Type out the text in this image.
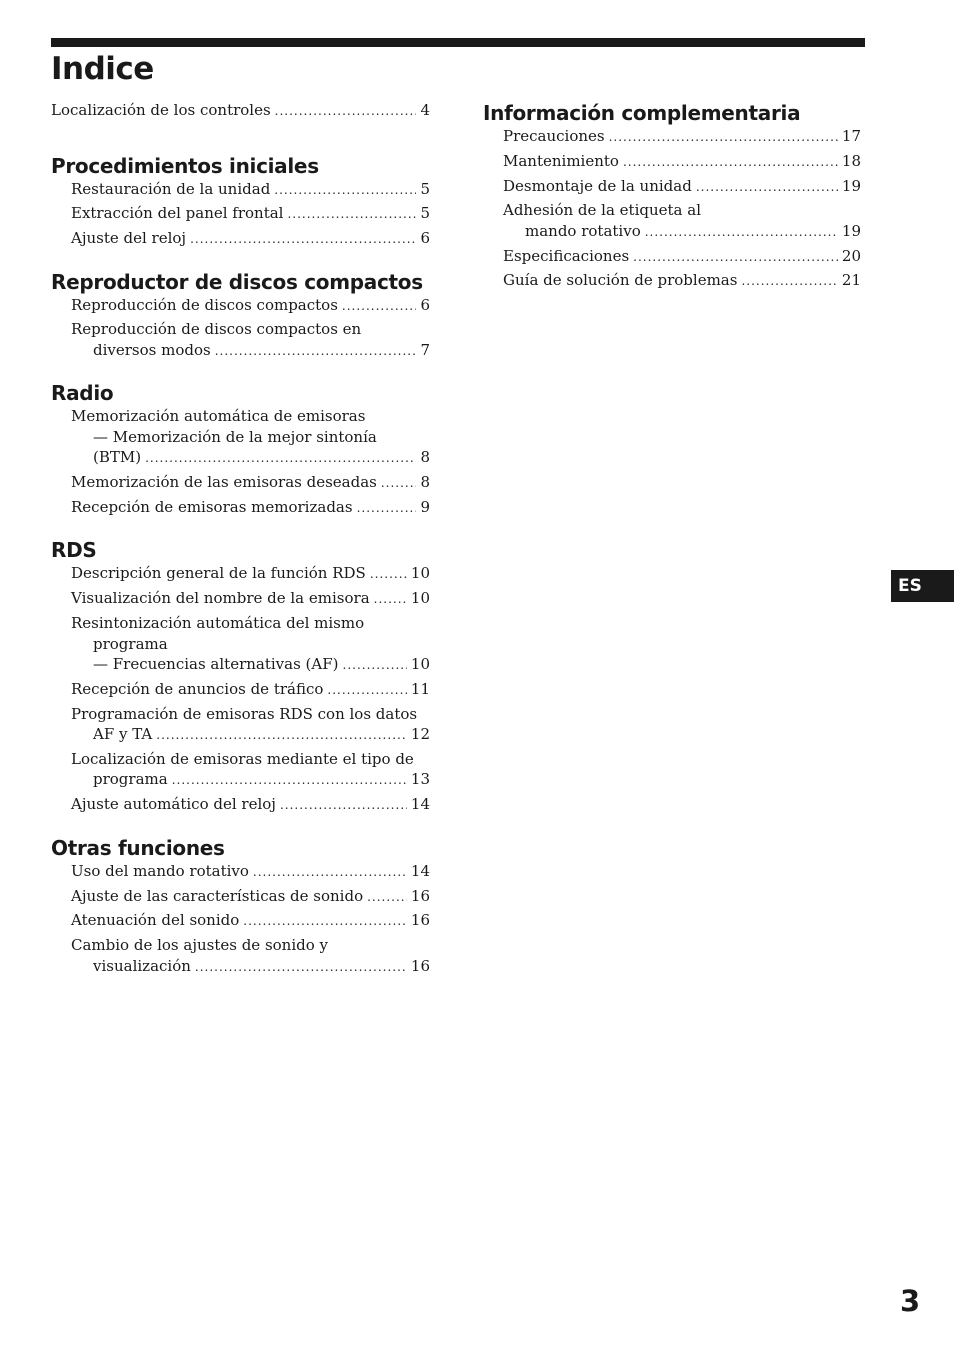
Indice
Localización de los controles .....	4
Procedimientos iniciales
Restauración de la unidad .....	5
Extracción del panel frontal .....	5
Ajuste del reloj .....	6
Reproductor de discos compactos
Reproducción de discos compactos .....	6
Reproducción de discos compactos en
diversos modos .....	7
Radio
Memorización automática de emisoras
— Memorización de la mejor sintonía
(BTM) .....	8
Memorización de las emisoras deseadas .....	8
Recepción de emisoras memorizadas .....	9
RDS
Descripción general de la función RDS .....	10
Visualización del nombre de la emisora .....	10
Resintonización automática del mismo
programa
— Frecuencias alternativas (AF) .....	10
Recepción de anuncios de tráfico .....	11
Programación de emisoras RDS con los datos
AF y TA .....	12
Localización de emisoras mediante el tipo de
programa .....	13
Ajuste automático del reloj .....	14
Otras funciones
Uso del mando rotativo .....	14
Ajuste de las características de sonido .....	16
Atenuación del sonido .....	16
Cambio de los ajustes de sonido y
visualización .....	16
Información complementaria
Precauciones .....	17
Mantenimiento .....	18
Desmontaje de la unidad .....	19
Adhesión de la etiqueta al
mando rotativo .....	19
Especificaciones .....	20
Guía de solución de problemas .....	21
ES
3
